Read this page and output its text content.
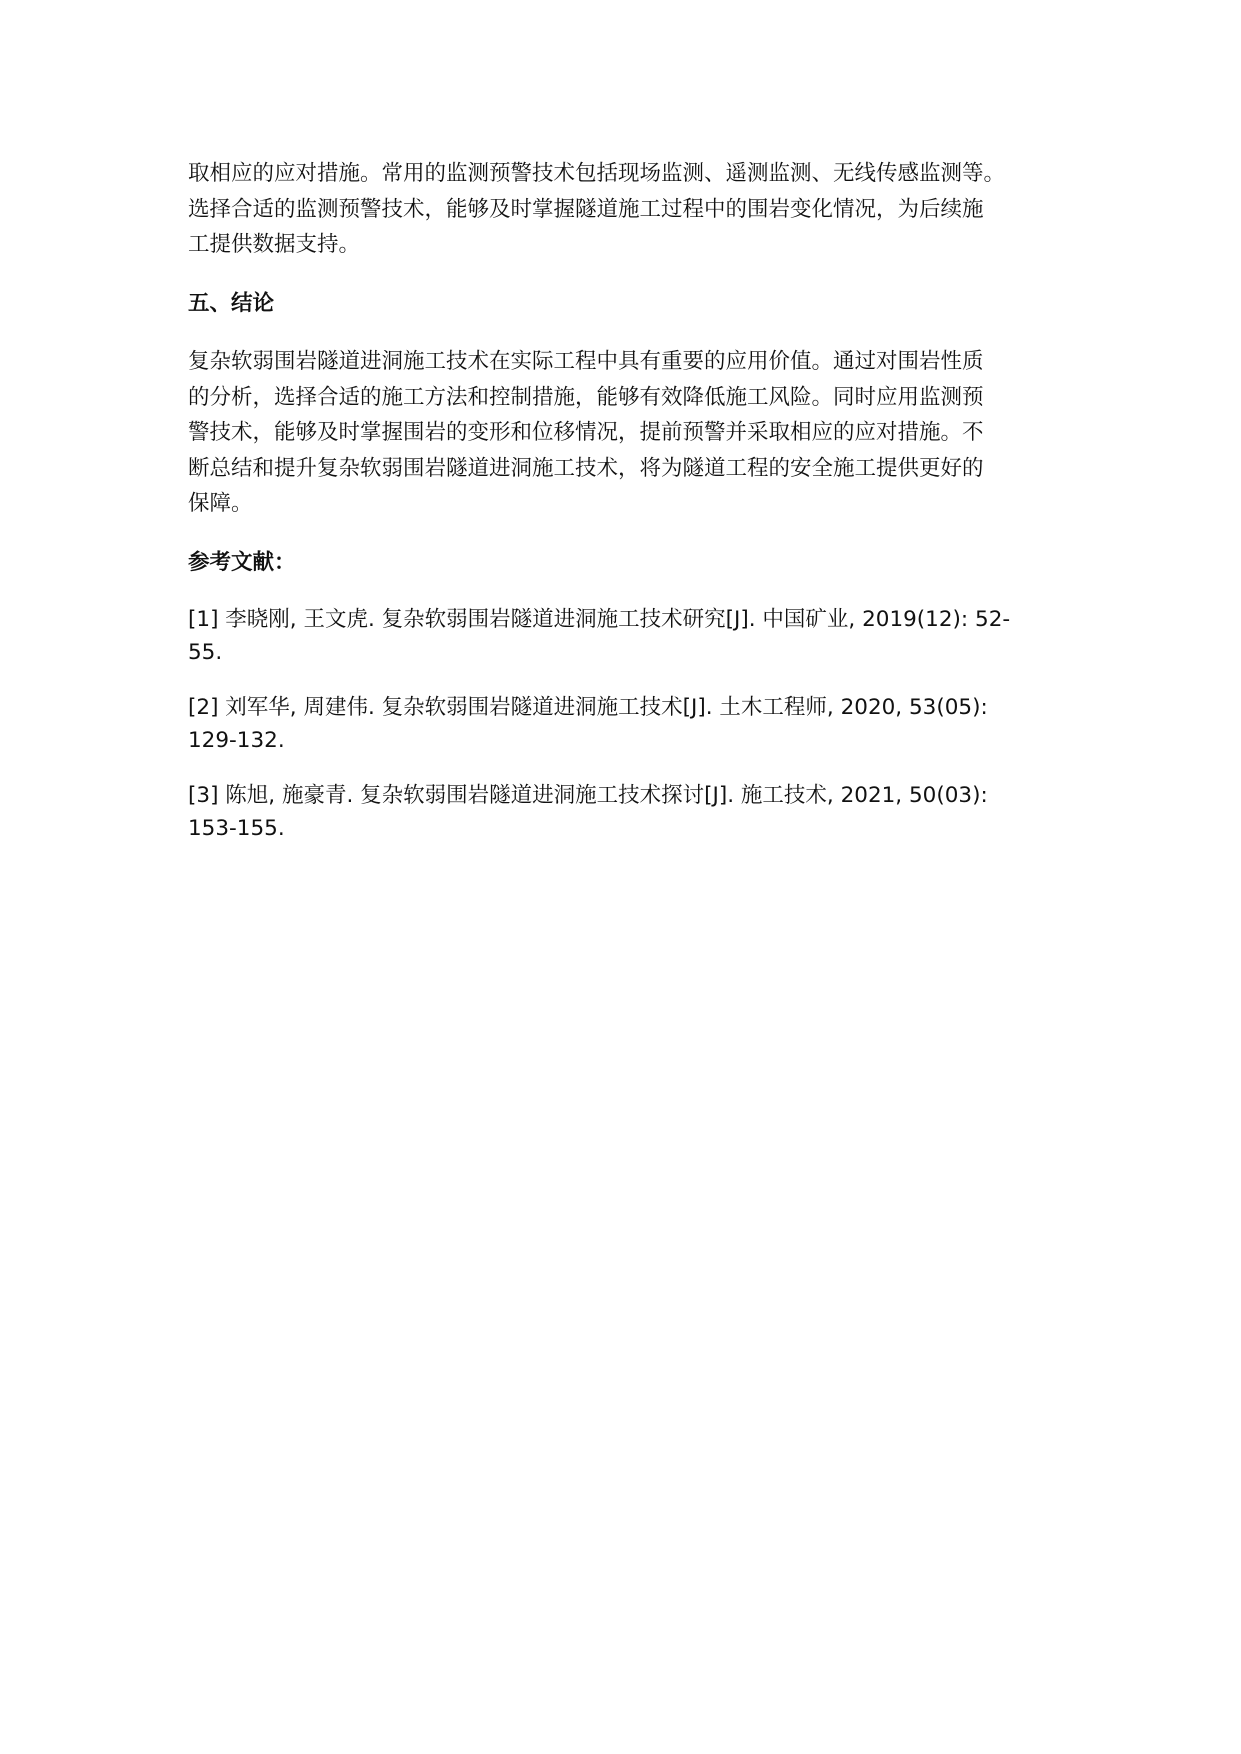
取相应的应对措施。常用的监测预警技术包括现场监测、遥测监测、无线传感监测等。
选择合适的监测预警技术，能够及时掌握隧道施工过程中的围岩变化情况，为后续施
工提供数据支持。

五、结论

复杂软弱围岩隧道进洞施工技术在实际工程中具有重要的应用价值。通过对围岩性质
的分析，选择合适的施工方法和控制措施，能够有效降低施工风险。同时应用监测预
警技术，能够及时掌握围岩的变形和位移情况，提前预警并采取相应的应对措施。不
断总结和提升复杂软弱围岩隧道进洞施工技术，将为隧道工程的安全施工提供更好的
保障。

参考文献：

[1] 李晓刚, 王文虎. 复杂软弱围岩隧道进洞施工技术研究[J]. 中国矿业, 2019(12): 52-
55.

[2] 刘军华, 周建伟. 复杂软弱围岩隧道进洞施工技术[J]. 土木工程师, 2020, 53(05):
129-132.

[3] 陈旭, 施豪青. 复杂软弱围岩隧道进洞施工技术探讨[J]. 施工技术, 2021, 50(03):
153-155.
